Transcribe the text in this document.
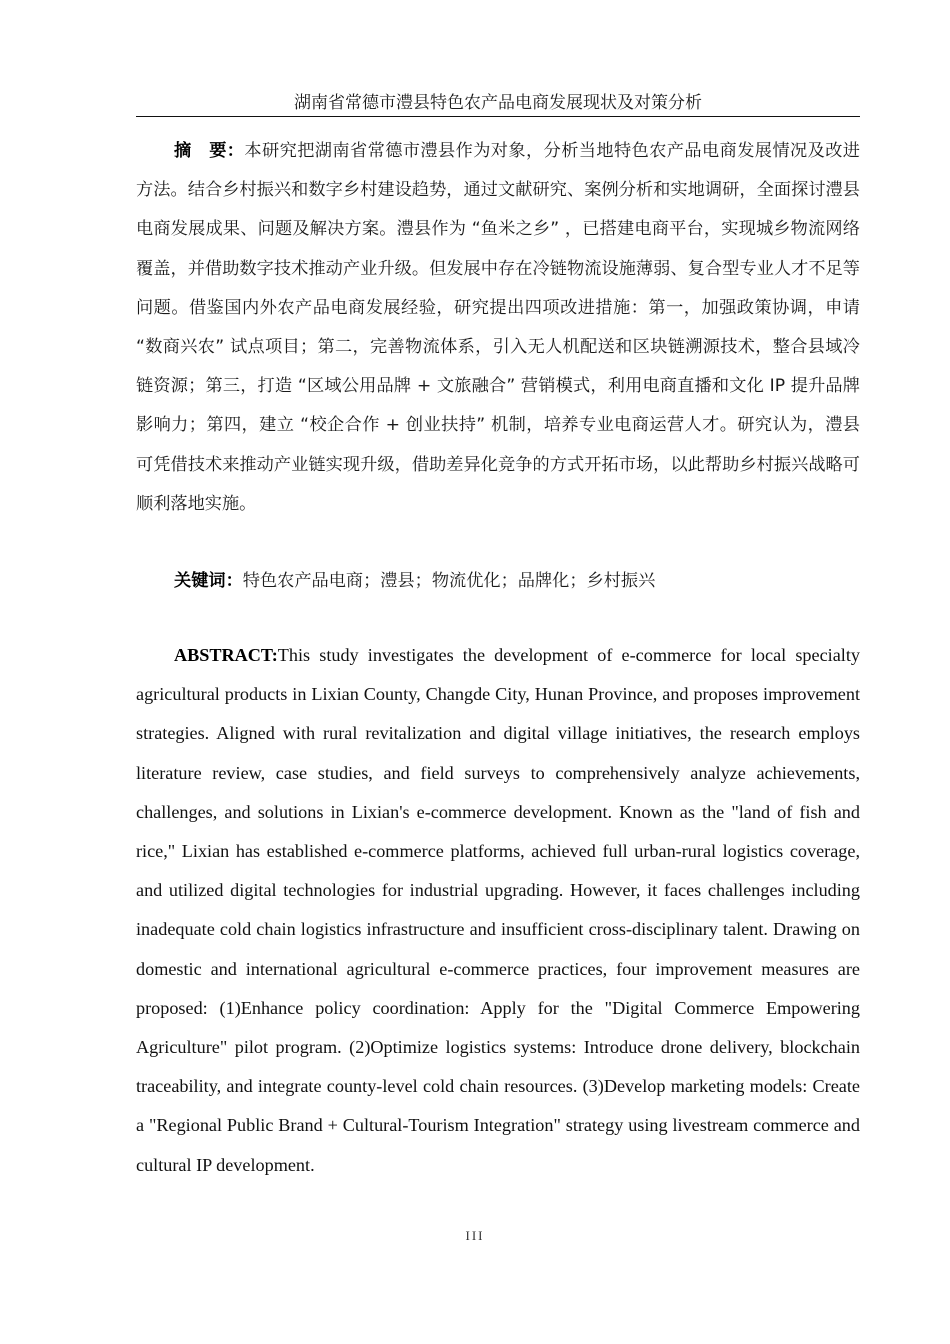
湖南省常德市澧县特色农产品电商发展现状及对策分析

摘　要：本研究把湖南省常德市澧县作为对象，分析当地特色农产品电商发展情况及改进方法。结合乡村振兴和数字乡村建设趋势，通过文献研究、案例分析和实地调研，全面探讨澧县电商发展成果、问题及解决方案。澧县作为 “鱼米之乡” ，已搭建电商平台，实现城乡物流网络覆盖，并借助数字技术推动产业升级。但发展中存在冷链物流设施薄弱、复合型专业人才不足等问题。借鉴国内外农产品电商发展经验，研究提出四项改进措施：第一，加强政策协调，申请 “数商兴农” 试点项目；第二，完善物流体系，引入无人机配送和区块链溯源技术，整合县域冷链资源；第三，打造 “区域公用品牌 + 文旅融合” 营销模式，利用电商直播和文化 IP 提升品牌影响力；第四，建立 “校企合作 + 创业扶持” 机制，培养专业电商运营人才。研究认为，澧县可凭借技术来推动产业链实现升级，借助差异化竞争的方式开拓市场，以此帮助乡村振兴战略可顺利落地实施。

关键词：特色农产品电商；澧县；物流优化；品牌化；乡村振兴

ABSTRACT:This study investigates the development of e-commerce for local specialty agricultural products in Lixian County, Changde City, Hunan Province, and proposes improvement strategies. Aligned with rural revitalization and digital village initiatives, the research employs literature review, case studies, and field surveys to comprehensively analyze achievements, challenges, and solutions in Lixian's e-commerce development. Known as the "land of fish and rice," Lixian has established e-commerce platforms, achieved full urban-rural logistics coverage, and utilized digital technologies for industrial upgrading. However, it faces challenges including inadequate cold chain logistics infrastructure and insufficient cross-disciplinary talent. Drawing on domestic and international agricultural e-commerce practices, four improvement measures are proposed: (1)Enhance policy coordination: Apply for the "Digital Commerce Empowering Agriculture" pilot program. (2)Optimize logistics systems: Introduce drone delivery, blockchain traceability, and integrate county-level cold chain resources. (3)Develop marketing models: Create a "Regional Public Brand + Cultural-Tourism Integration" strategy using livestream commerce and cultural IP development.

III
